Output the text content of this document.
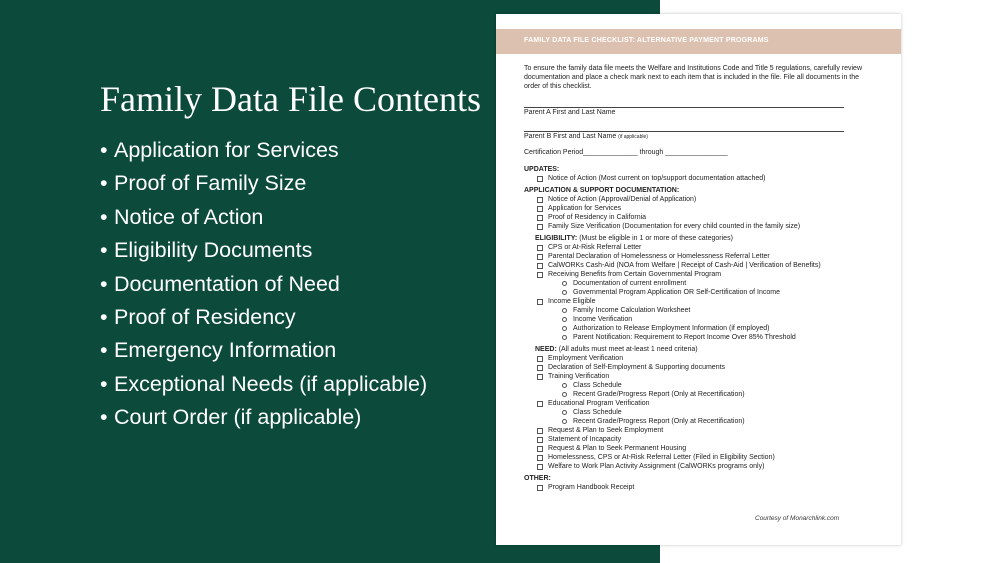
Family Data File Contents
• Application for Services
• Proof of Family Size
• Notice of Action
• Eligibility Documents
• Documentation of Need
• Proof of Residency
• Emergency Information
• Exceptional Needs (if applicable)
• Court Order (if applicable)
FAMILY DATA FILE CHECKLIST: ALTERNATIVE PAYMENT PROGRAMS

To ensure the family data file meets the Welfare and Institutions Code and Title 5 regulations, carefully review documentation and place a check mark next to each item that is included in the file. File all documents in the order of this checklist.

Parent A First and Last Name

Parent B First and Last Name (if applicable)

Certification Period______________ through ________________

UPDATES:
Notice of Action (Most current on top/support documentation attached)
APPLICATION & SUPPORT DOCUMENTATION:
Notice of Action (Approval/Denial of Application)
Application for Services
Proof of Residency in California
Family Size Verification (Documentation for every child counted in the family size)
ELIGIBILITY: (Must be eligible in 1 or more of these categories)
CPS or At-Risk Referral Letter
Parental Declaration of Homelessness or Homelessness Referral Letter
CalWORKs Cash-Aid (NOA from Welfare | Receipt of Cash-Aid | Verification of Benefits)
Receiving Benefits from Certain Governmental Program
Documentation of current enrollment
Governmental Program Application OR Self-Certification of Income
Income Eligible
Family Income Calculation Worksheet
Income Verification
Authorization to Release Employment Information (if employed)
Parent Notification: Requirement to Report Income Over 85% Threshold
NEED: (All adults must meet at-least 1 need criteria)
Employment Verification
Declaration of Self-Employment & Supporting documents
Training Verification
Class Schedule
Recent Grade/Progress Report (Only at Recertification)
Educational Program Verification
Class Schedule
Recent Grade/Progress Report (Only at Recertification)
Request & Plan to Seek Employment
Statement of Incapacity
Request & Plan to Seek Permanent Housing
Homelessness, CPS or At-Risk Referral Letter (Filed in Eligibility Section)
Welfare to Work Plan Activity Assignment (CalWORKs programs only)
OTHER:
Program Handbook Receipt
Courtesy of Monarchlink.com
